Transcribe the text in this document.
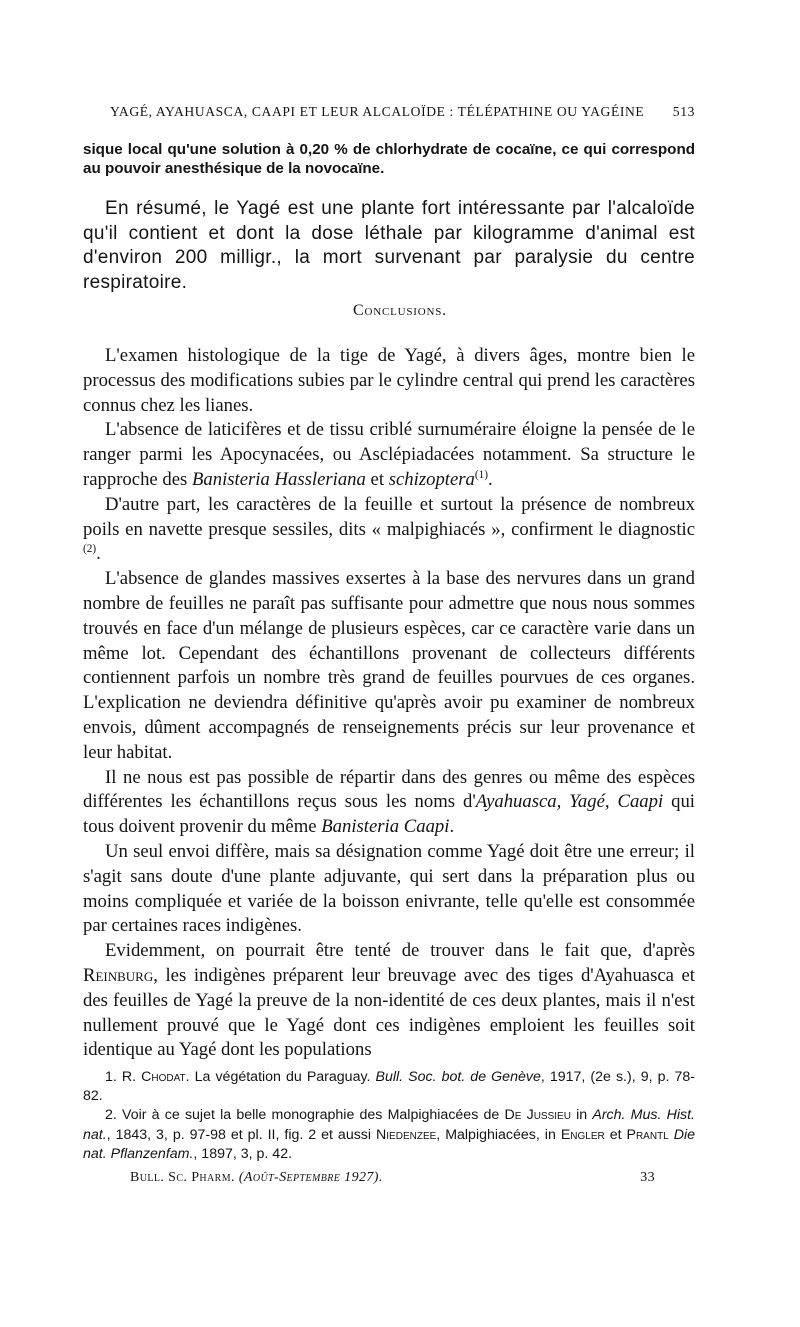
YAGÉ, AYAHUASCA, CAAPI ET LEUR ALCALOÏDE : TÉLÉPATHINE OU YAGÉINE 513
sique local qu'une solution à 0,20 % de chlorhydrate de cocaïne, ce qui correspond au pouvoir anesthésique de la novocaïne.

En résumé, le Yagé est une plante fort intéressante par l'alcaloïde qu'il contient et dont la dose léthale par kilogramme d'animal est d'environ 200 milligr., la mort survenant par paralysie du centre respiratoire.

Conclusions.

L'examen histologique de la tige de Yagé, à divers âges, montre bien le processus des modifications subies par le cylindre central qui prend les caractères connus chez les lianes.

L'absence de laticifères et de tissu criblé surnuméraire éloigne la pensée de le ranger parmi les Apocynacées, ou Asclépiadacées notamment. Sa structure le rapproche des Banisteria Hassleriana et schizoptera$^{(1)}$.

D'autre part, les caractères de la feuille et surtout la présence de nombreux poils en navette presque sessiles, dits « malpighiacés », confirment le diagnostic $^{(2)}$.

L'absence de glandes massives exsertes à la base des nervures dans un grand nombre de feuilles ne paraît pas suffisante pour admettre que nous nous sommes trouvés en face d'un mélange de plusieurs espèces, car ce caractère varie dans un même lot. Cependant des échantillons provenant de collecteurs différents contiennent parfois un nombre très grand de feuilles pourvues de ces organes. L'explication ne deviendra définitive qu'après avoir pu examiner de nombreux envois, dûment accompagnés de renseignements précis sur leur provenance et leur habitat.

Il ne nous est pas possible de répartir dans des genres ou même des espèces différentes les échantillons reçus sous les noms d'Ayahuasca, Yagé, Caapi qui tous doivent provenir du même Banisteria Caapi.

Un seul envoi diffère, mais sa désignation comme Yagé doit être une erreur; il s'agit sans doute d'une plante adjuvante, qui sert dans la préparation plus ou moins compliquée et variée de la boisson enivrante, telle qu'elle est consommée par certaines races indigènes.

Evidemment, on pourrait être tenté de trouver dans le fait que, d'après Reinburg, les indigènes préparent leur breuvage avec des tiges d'Ayahuasca et des feuilles de Yagé la preuve de la non-identité de ces deux plantes, mais il n'est nullement prouvé que le Yagé dont ces indigènes emploient les feuilles soit identique au Yagé dont les populations

1. R. Chodat. La végétation du Paraguay. Bull. Soc. bot. de Genève, 1917, (2e s.), 9, p. 78-82.

2. Voir à ce sujet la belle monographie des Malpighiacées de De Jussieu in Arch. Mus. Hist. nat., 1843, 3, p. 97-98 et pl. II, fig. 2 et aussi Niedenzee, Malpighiacées, in Engler et Prantl Die nat. Pflanzenfam., 1897, 3, p. 42.

Bull. Sc. Pharm. (Août-Septembre 1927).	33
